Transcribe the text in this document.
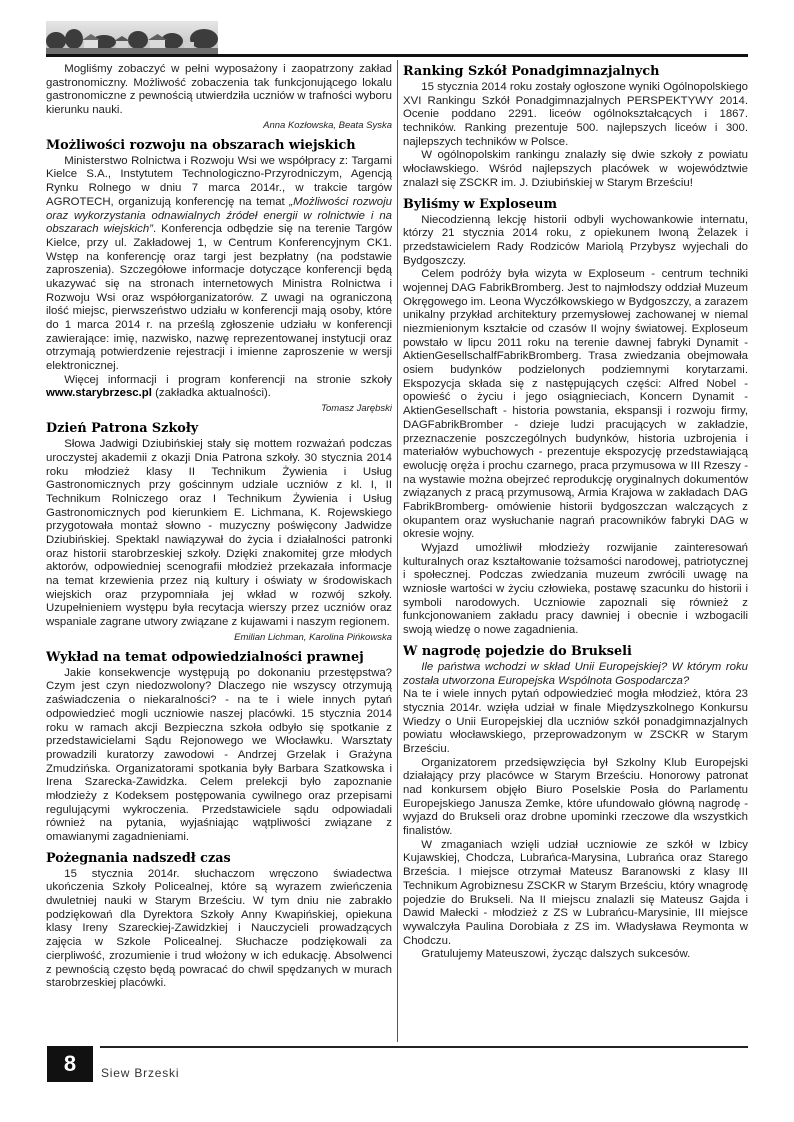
Mogliśmy zobaczyć w pełni wyposażony i zaopatrzony zakład gastronomiczny. Możliwość zobaczenia tak funkcjonującego lokalu gastronomiczne z pewnością utwierdziła uczniów w trafności wyboru kierunku nauki.

Anna Kozłowska, Beata Syska
Możliwości rozwoju na obszarach wiejskich

Ministerstwo Rolnictwa i Rozwoju Wsi we współpracy z: Targami Kielce S.A., Instytutem Technologiczno-Przyrodniczym, Agencją Rynku Rolnego w dniu 7 marca 2014r., w trakcie targów AGROTECH, organizują konferencję na temat „Możliwości rozwoju oraz wykorzystania odnawialnych źródeł energii w rolnictwie i na obszarach wiejskich”. Konferencja odbędzie się na terenie Targów Kielce, przy ul. Zakładowej 1, w Centrum Konferencyjnym CK1. Wstęp na konferencję oraz targi jest bezpłatny (na podstawie zaproszenia). Szczegółowe informacje dotyczące konferencji będą ukazywać się na stronach internetowych Ministra Rolnictwa i Rozwoju Wsi oraz współorganizatorów. Z uwagi na ograniczoną ilość miejsc, pierwszeństwo udziału w konferencji mają osoby, które do 1 marca 2014 r. na prześlą zgłoszenie udziału w konferencji zawierające: imię, nazwisko, nazwę reprezentowanej instytucji oraz otrzymają potwierdzenie rejestracji i imienne zaproszenie w wersji elektronicznej.

Więcej informacji i program konferencji na stronie szkoły www.starybrzesc.pl (zakładka aktualności).

Tomasz Jarębski
Dzień Patrona Szkoły

Słowa Jadwigi Dziubińskiej stały się mottem rozważań podczas uroczystej akademii z okazji Dnia Patrona szkoły. 30 stycznia 2014 roku młodzież klasy II Technikum Żywienia i Usług Gastronomicznych przy gościnnym udziale uczniów z kl. I, II Technikum Rolniczego oraz I Technikum Żywienia i Usług Gastronomicznych pod kierunkiem E. Lichmana, K. Rojewskiego przygotowała montaż słowno - muzyczny poświęcony Jadwidze Dziubińskiej. Spektakl nawiązywał do życia i działalności patronki oraz historii starobrzeskiej szkoły. Dzięki znakomitej grze młodych aktorów, odpowiedniej scenografii młodzież przekazała informacje na temat krzewienia przez nią kultury i oświaty w środowiskach wiejskich oraz przypomniała jej wkład w rozwój szkoły. Uzupełnieniem występu była recytacja wierszy przez uczniów oraz wspaniale zagrane utwory związane z kujawami i naszym regionem.

Emilian Lichman, Karolina Pińkowska
Wykład na temat odpowiedzialności prawnej

Jakie konsekwencje występują po dokonaniu przestępstwa? Czym jest czyn niedozwolony? Dlaczego nie wszyscy otrzymują zaświadczenia o niekaralności? - na te i wiele innych pytań odpowiedzieć mogli uczniowie naszej placówki. 15 stycznia 2014 roku w ramach akcji Bezpieczna szkoła odbyło się spotkanie z przedstawicielami Sądu Rejonowego we Włocławku. Warsztaty prowadzili kuratorzy zawodowi - Andrzej Grzelak i Grażyna Zmudzińska. Organizatorami spotkania były Barbara Szatkowska i Irena Szarecka-Zawidzka. Celem prelekcji było zapoznanie młodzieży z Kodeksem postępowania cywilnego oraz przepisami regulującymi wykroczenia. Przedstawiciele sądu odpowiadali również na pytania, wyjaśniając wątpliwości związane z omawianymi zagadnieniami.

Pożegnania nadszedł czas

15 stycznia 2014r. słuchaczom wręczono świadectwa ukończenia Szkoły Policealnej, które są wyrazem zwieńczenia dwuletniej nauki w Starym Brześciu. W tym dniu nie zabrakło podziękowań dla Dyrektora Szkoły Anny Kwapińskiej, opiekuna klasy Ireny Szareckiej-Zawidzkiej i Nauczycieli prowadzących zajęcia w Szkole Policealnej. Słuchacze podziękowali za cierpliwość, zrozumienie i trud włożony w ich edukację. Absolwenci z pewnością często będą powracać do chwil spędzanych w murach starobrzeskiej placówki.

Ranking Szkół Ponadgimnazjalnych

15 stycznia 2014 roku zostały ogłoszone wyniki Ogólnopolskiego XVI Rankingu Szkół Ponadgimnazjalnych PERSPEKTYWY 2014. Ocenie poddano 2291. liceów ogólnokształcących i 1867. techników. Ranking prezentuje 500. najlepszych liceów i 300. najlepszych techników w Polsce.

W ogólnopolskim rankingu znalazły się dwie szkoły z powiatu włocławskiego. Wśród najlepszych placówek w województwie znalazł się ZSCKR im. J. Dziubińskiej w Starym Brześciu!

Byliśmy w Exploseum

Niecodzienną lekcję historii odbyli wychowankowie internatu, którzy 21 stycznia 2014 roku, z opiekunem Iwoną Żelazek i przedstawicielem Rady Rodziców Mariolą Przybysz wyjechali do Bydgoszczy.

Celem podróży była wizyta w Exploseum - centrum techniki wojennej DAG FabrikBromberg. Jest to najmłodszy oddział Muzeum Okręgowego im. Leona Wyczółkowskiego w Bydgoszczy, a zarazem unikalny przykład architektury przemysłowej zachowanej w niemal niezmienionym kształcie od czasów II wojny światowej. Exploseum powstało w lipcu 2011 roku na terenie dawnej fabryki Dynamit - AktienGesellschalfFabrikBromberg. Trasa zwiedzania obejmowała osiem budynków podzielonych podziemnymi korytarzami. Ekspozycja składa się z następujących części: Alfred Nobel - opowieść o życiu i jego osiągnieciach, Koncern Dynamit - AktienGesellschaft - historia powstania, ekspansji i rozwoju firmy, DAGFabrikBromber - dzieje ludzi pracujących w zakładzie, przeznaczenie poszczególnych budynków, historia uzbrojenia i materiałów wybuchowych - prezentuje ekspozycję przedstawiającą ewolucję oręża i prochu czarnego, praca przymusowa w III Rzeszy - na wystawie można obejrzeć reprodukcję oryginalnych dokumentów związanych z pracą przymusową, Armia Krajowa w zakładach DAG FabrikBromberg- omówienie historii bydgoszczan walczących z okupantem oraz wysłuchanie nagrań pracowników fabryki DAG w okresie wojny.

Wyjazd umożliwił młodzieży rozwijanie zainteresowań kulturalnych oraz kształtowanie tożsamości narodowej, patriotycznej i społecznej. Podczas zwiedzania muzeum zwrócili uwagę na wzniosłe wartości w życiu człowieka, postawę szacunku do historii i symboli narodowych. Uczniowie zapoznali się również z funkcjonowaniem zakładu pracy dawniej i obecnie i wzbogacili swoją wiedzę o nowe zagadnienia.

W nagrodę pojedzie do Brukseli

Ile państwa wchodzi w skład Unii Europejskiej? W którym roku została utworzona Europejska Wspólnota Gospodarcza?

Na te i wiele innych pytań odpowiedzieć mogła młodzież, która 23 stycznia 2014r. wzięła udział w finale Międzyszkolnego Konkursu Wiedzy o Unii Europejskiej dla uczniów szkół ponadgimnazjalnych powiatu włocławskiego, przeprowadzonym w ZSCKR w Starym Brześciu.

Organizatorem przedsięwzięcia był Szkolny Klub Europejski działający przy placówce w Starym Brześciu. Honorowy patronat nad konkursem objęło Biuro Poselskie Posła do Parlamentu Europejskiego Janusza Zemke, które ufundowało główną nagrodę - wyjazd do Brukseli oraz drobne upominki rzeczowe dla wszystkich finalistów.

W zmaganiach wzięli udział uczniowie ze szkół w Izbicy Kujawskiej, Chodcza, Lubrańca-Marysina, Lubrańca oraz Starego Brześcia. I miejsce otrzymał Mateusz Baranowski z klasy III Technikum Agrobiznesu ZSCKR w Starym Brześciu, który wnagrodę pojedzie do Brukseli. Na II miejscu znalazli się Mateusz Gajda i Dawid Małecki - młodzież z ZS w Lubrańcu-Marysinie, III miejsce wywalczyła Paulina Dorobiała z ZS im. Władysława Reymonta w Chodczu.

Gratulujemy Mateuszowi, życząc dalszych sukcesów.

8	Siew Brzeski
